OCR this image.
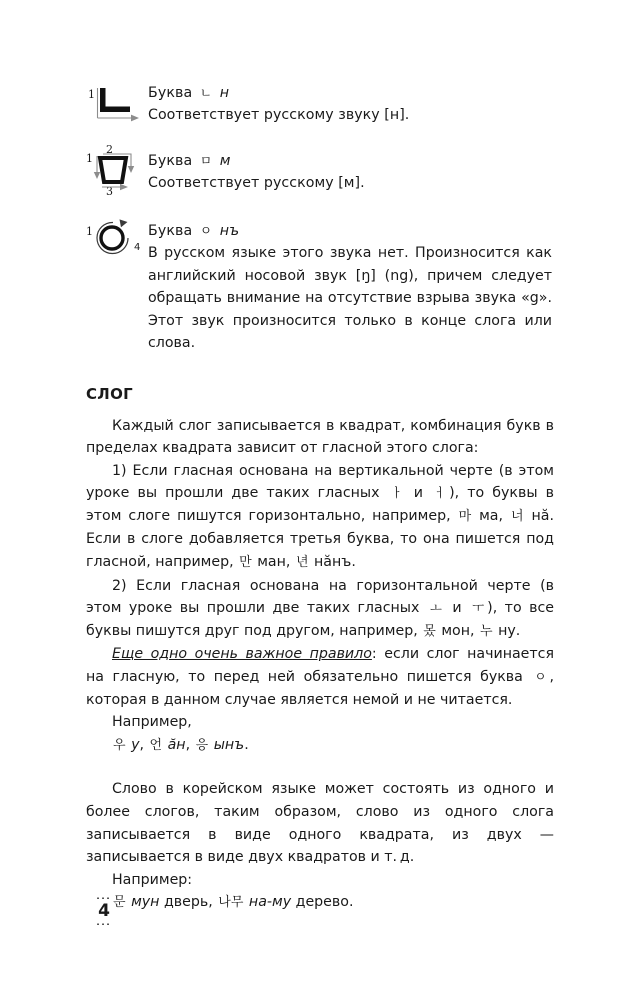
1	Буква ㄴ н
Соответствует русскому звуку [н].
1
2
3
Буква ㅁ м
Соответствует русскому [м].
1	Буква ㅇ нъ
4 В русском языке этого звука нет. Произносится как английский носовой звук [ŋ] (ng), причем следует обращать внимание на отсутствие взрыва звука «g». Этот звук произносится только в конце слога или слова.

СЛОГ

Каждый слог записывается в квадрат, комбинация букв в пределах квадрата зависит от гласной этого слога:

1) Если гласная основана на вертикальной черте (в этом уроке вы прошли две таких гласных ㅏ и ㅓ ), то буквы в этом слоге пишутся горизонтально, например, 마 ма, 너 нӑ. Если в слоге добавляется третья буква, то она пишется под гласной, например, 만 ман, 년 нӑнъ.

2) Если гласная основана на горизонтальной черте (в этом уроке вы прошли две таких гласных ㅗ и ㅜ ), то все буквы пишутся друг под другом, например, 몼 мон, 누 ну.

Еще одно очень важное правило: если слог начинается на гласную, то перед ней обязательно пишется буква ㅇ , которая в данном случае является немой и не читается.

Например,

우 у, 언 ӑн, 응 ынъ.

Слово в корейском языке может состоять из одного и более слогов, таким образом, слово из одного слога записывается в виде одного квадрата, из двух — записывается в виде двух квадратов и т. д.

Например:

문 мун дверь, 나무 на-му дерево.

···
4
···
